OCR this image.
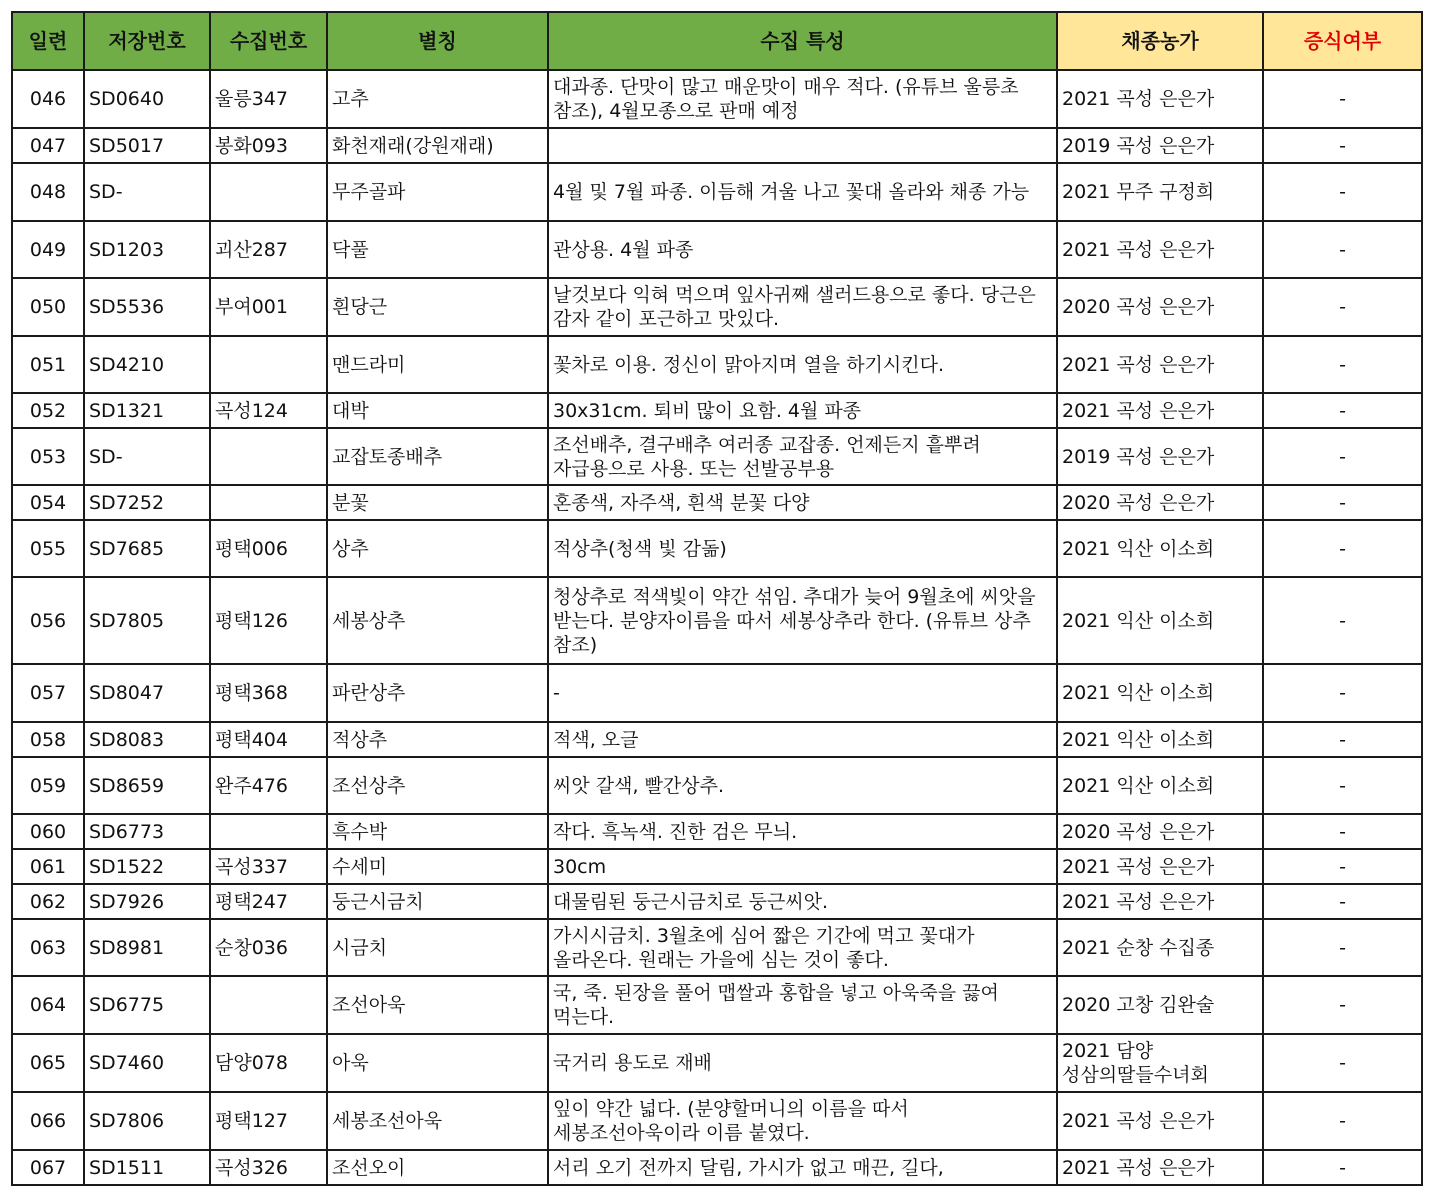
일련	저장번호	수집번호	별칭	수집 특성	채종농가	증식여부
046	SD0640	울릉347	고추	대과종. 단맛이 많고 매운맛이 매우 적다. (유튜브 울릉초 참조), 4월모종으로 판매 예정	2021 곡성 은은가	-
047	SD5017	봉화093	화천재래(강원재래)		2019 곡성 은은가	-
048	SD-		무주골파	4월 및 7월 파종. 이듬해 겨울 나고 꽃대 올라와 채종 가능	2021 무주 구정희	-
049	SD1203	괴산287	닥풀	관상용. 4월 파종	2021 곡성 은은가	-
050	SD5536	부여001	흰당근	날것보다 익혀 먹으며 잎사귀째 샐러드용으로 좋다. 당근은 감자 같이 포근하고 맛있다.	2020 곡성 은은가	-
051	SD4210		맨드라미	꽃차로 이용. 정신이 맑아지며 열을 하기시킨다.	2021 곡성 은은가	-
052	SD1321	곡성124	대박	30x31cm. 퇴비 많이 요함. 4월 파종	2021 곡성 은은가	-
053	SD-		교잡토종배추	조선배추, 결구배추 여러종 교잡종. 언제든지 흩뿌려 자급용으로 사용. 또는 선발공부용	2019 곡성 은은가	-
054	SD7252		분꽃	혼종색, 자주색, 흰색 분꽃 다양	2020 곡성 은은가	-
055	SD7685	평택006	상추	적상추(청색 빛 감돎)	2021 익산 이소희	-
056	SD7805	평택126	세봉상추	청상추로 적색빛이 약간 섞임. 추대가 늦어 9월초에 씨앗을 받는다. 분양자이름을 따서 세봉상추라 한다. (유튜브 상추 참조)	2021 익산 이소희	-
057	SD8047	평택368	파란상추	-	2021 익산 이소희	-
058	SD8083	평택404	적상추	적색, 오글	2021 익산 이소희	-
059	SD8659	완주476	조선상추	씨앗 갈색, 빨간상추.	2021 익산 이소희	-
060	SD6773		흑수박	작다. 흑녹색. 진한 검은 무늬.	2020 곡성 은은가	-
061	SD1522	곡성337	수세미	30cm	2021 곡성 은은가	-
062	SD7926	평택247	둥근시금치	대물림된 둥근시금치로 둥근씨앗.	2021 곡성 은은가	-
063	SD8981	순창036	시금치	가시시금치. 3월초에 심어 짧은 기간에 먹고 꽃대가 올라온다. 원래는 가을에 심는 것이 좋다.	2021 순창 수집종	-
064	SD6775		조선아욱	국, 죽. 된장을 풀어 맵쌀과 홍합을 넣고 아욱죽을 끓여 먹는다.	2020 고창 김완술	-
065	SD7460	담양078	아욱	국거리 용도로 재배	2021 담양 성삼의딸들수녀회	-
066	SD7806	평택127	세봉조선아욱	잎이 약간 넓다. (분양할머니의 이름을 따서 세봉조선아욱이라 이름 붙였다.	2021 곡성 은은가	-
067	SD1511	곡성326	조선오이	서리 오기 전까지 달림, 가시가 없고 매끈, 길다,	2021 곡성 은은가	-
